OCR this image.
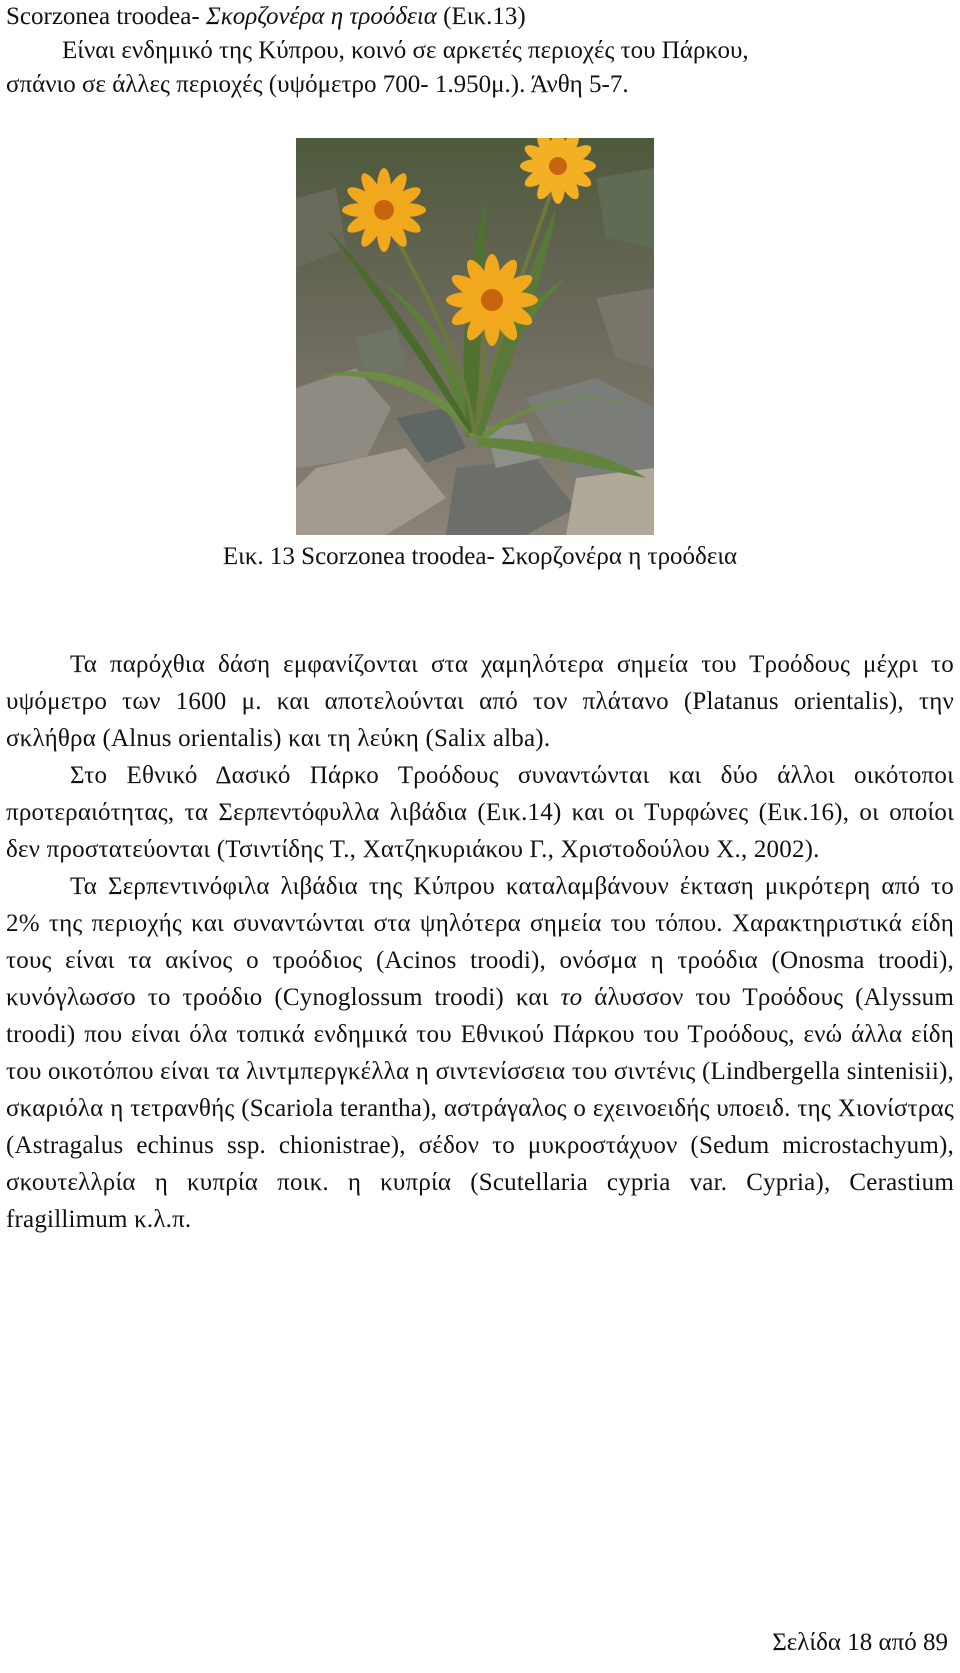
Scorzonea troodea- Σκορζονέρα η τροόδεια (Εικ.13)
Είναι ενδημικό της Κύπρου, κοινό σε αρκετές περιοχές του Πάρκου,
σπάνιο σε άλλες περιοχές (υψόμετρο 700- 1.950μ.). Άνθη 5-7.
Εικ. 13 Scorzonea troodea- Σκορζονέρα η τροόδεια

Τα παρόχθια δάση εμφανίζονται στα χαμηλότερα σημεία του Τροόδους μέχρι το υψόμετρο των 1600 μ. και αποτελούνται από τον πλάτανο (Platanus orientalis), την σκλήθρα (Alnus orientalis) και τη λεύκη (Salix alba).

Στο Εθνικό Δασικό Πάρκο Τροόδους συναντώνται και δύο άλλοι οικότοποι προτεραιότητας, τα Σερπεντόφυλλα λιβάδια (Εικ.14) και οι Τυρφώνες (Εικ.16), οι οποίοι δεν προστατεύονται (Τσιντίδης Τ., Χατζηκυριάκου Γ., Χριστοδούλου Χ., 2002).

Τα Σερπεντινόφιλα λιβάδια της Κύπρου καταλαμβάνουν έκταση μικρότερη από το 2% της περιοχής και συναντώνται στα ψηλότερα σημεία του τόπου. Χαρακτηριστικά είδη τους είναι τα ακίνος ο τροόδιος (Acinos troodi), ονόσμα η τροόδια (Onosma troodi), κυνόγλωσσο το τροόδιο (Cynoglossum troodi) και το άλυσσον του Τροόδους (Alyssum troodi) που είναι όλα τοπικά ενδημικά του Εθνικού Πάρκου του Τροόδους, ενώ άλλα είδη του οικοτόπου είναι τα λιντμπεργκέλλα η σιντενίσσεια του σιντένις (Lindbergella sintenisii), σκαριόλα η τετρανθής (Scariola terantha), αστράγαλος ο εχεινοειδής υποειδ. της Χιονίστρας (Astragalus echinus ssp. chionistrae), σέδον το μυκροστάχυον (Sedum microstachyum), σκουτελλρία η κυπρία ποικ. η κυπρία (Scutellaria cypria var. Cypria), Cerastium fragillimum κ.λ.π.

Σελίδα 18 από 89
